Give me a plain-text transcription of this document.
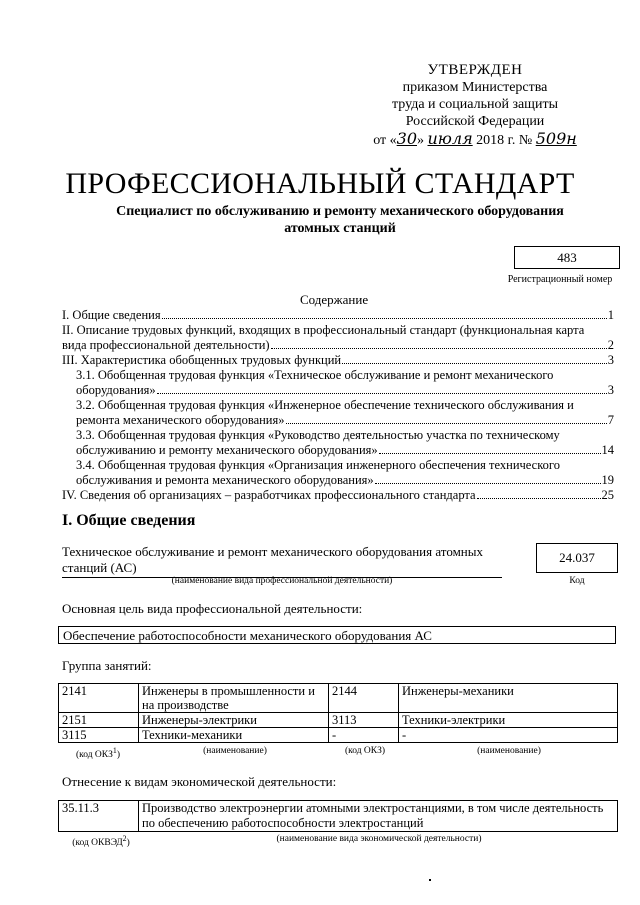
УТВЕРЖДЕН
приказом Министерства
труда и социальной защиты
Российской Федерации
от «30» июля 2018 г. № 509н
ПРОФЕССИОНАЛЬНЫЙ СТАНДАРТ
Специалист по обслуживанию и ремонту механического оборудования
атомных станций
483
Регистрационный номер
Содержание
I. Общие сведения	1
II. Описание трудовых функций, входящих в профессиональный стандарт (функциональная карта
вида профессиональной деятельности)	2
III. Характеристика обобщенных трудовых функций	3
3.1. Обобщенная трудовая функция «Техническое обслуживание и ремонт механического
оборудования»	3
3.2. Обобщенная трудовая функция «Инженерное обеспечение технического обслуживания и
ремонта механического оборудования»	7
3.3. Обобщенная трудовая функция «Руководство деятельностью участка по техническому
обслуживанию и ремонту механического оборудования»	14
3.4. Обобщенная трудовая функция «Организация инженерного обеспечения технического
обслуживания и ремонта механического оборудования»	19
IV. Сведения об организациях – разработчиках профессионального стандарта	25
I. Общие сведения
Техническое обслуживание и ремонт механического оборудования атомных станций (АС)
24.037
(наименование вида профессиональной деятельности)	Код
Основная цель вида профессиональной деятельности:
Обеспечение работоспособности механического оборудования АС
Группа занятий:
2141	Инженеры в промышленности и на производстве	2144	Инженеры-механики
2151	Инженеры-электрики	3113	Техники-электрики
3115	Техники-механики	-	-
(код ОКЗ$^1$)	(наименование)	(код ОКЗ)	(наименование)
Отнесение к видам экономической деятельности:
35.11.3	Производство электроэнергии атомными электростанциями, в том числе деятельность по обеспечению работоспособности электростанций
(код ОКВЭД$^2$)	(наименование вида экономической деятельности)
